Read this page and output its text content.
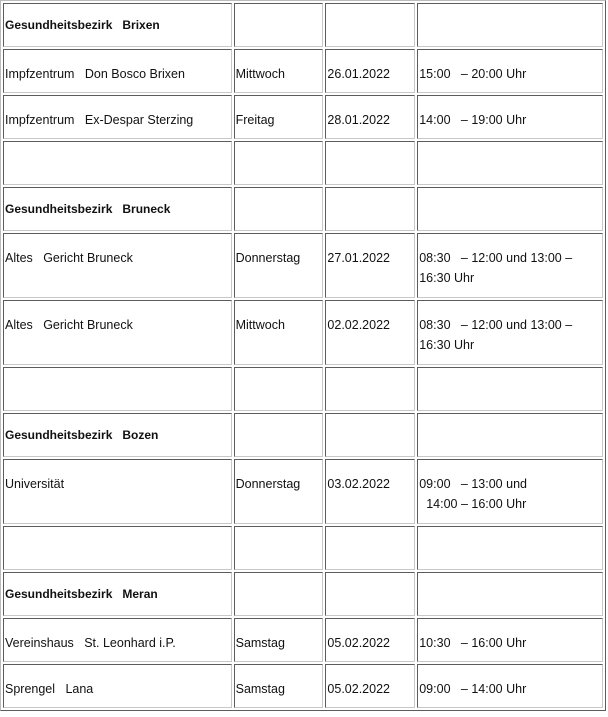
Gesundheitsbezirk   Brixen			
Impfzentrum   Don Bosco Brixen	Mittwoch	26.01.2022	15:00   – 20:00 Uhr
Impfzentrum   Ex-Despar Sterzing	Freitag	28.01.2022	14:00   – 19:00 Uhr

Gesundheitsbezirk   Bruneck			
Altes   Gericht Bruneck	Donnerstag	27.01.2022	08:30   – 12:00 und 13:00 – 16:30 Uhr
Altes   Gericht Bruneck	Mittwoch	02.02.2022	08:30   – 12:00 und 13:00 – 16:30 Uhr

Gesundheitsbezirk   Bozen			
Universität	Donnerstag	03.02.2022	09:00   – 13:00 und
14:00 – 16:00 Uhr

Gesundheitsbezirk   Meran			
Vereinshaus   St. Leonhard i.P.	Samstag	05.02.2022	10:30   – 16:00 Uhr
Sprengel   Lana	Samstag	05.02.2022	09:00   – 14:00 Uhr
